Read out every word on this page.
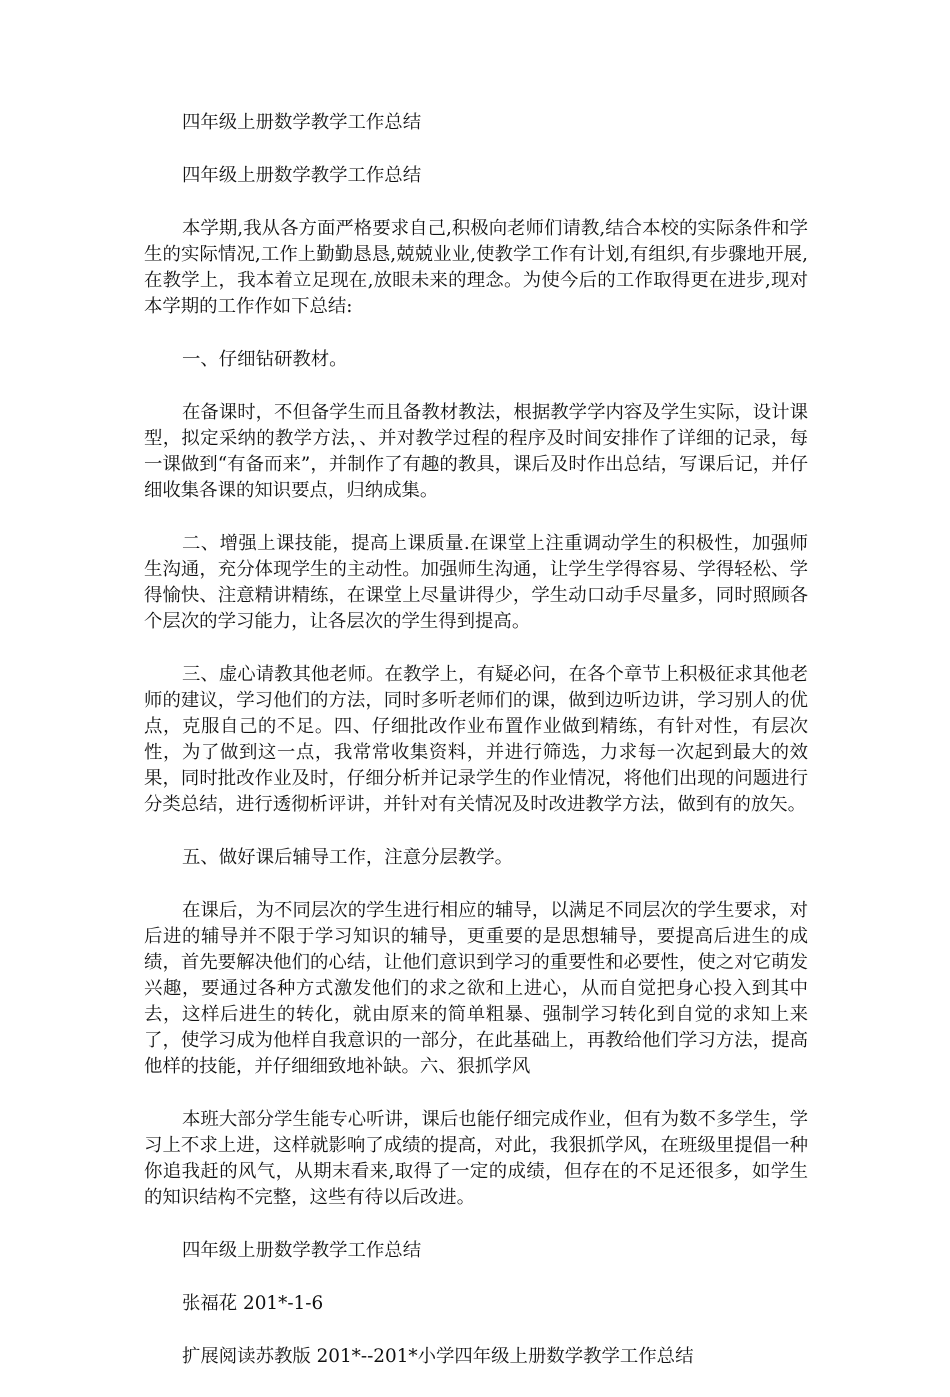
四年级上册数学教学工作总结

四年级上册数学教学工作总结

本学期,我从各方面严格要求自己,积极向老师们请教,结合本校的实际条件和学生的实际情况,工作上勤勤恳恳,兢兢业业,使教学工作有计划,有组织,有步骤地开展,在教学上，我本着立足现在,放眼未来的理念。为使今后的工作取得更在进步,现对本学期的工作作如下总结:

一、仔细钻研教材。

在备课时，不但备学生而且备教材教法，根据教学学内容及学生实际，设计课型，拟定采纳的教学方法，、并对教学过程的程序及时间安排作了详细的记录，每一课做到“有备而来”，并制作了有趣的教具，课后及时作出总结，写课后记，并仔细收集各课的知识要点，归纳成集。

二、增强上课技能，提高上课质量.在课堂上注重调动学生的积极性，加强师生沟通，充分体现学生的主动性。加强师生沟通，让学生学得容易、学得轻松、学得愉快、注意精讲精练，在课堂上尽量讲得少，学生动口动手尽量多，同时照顾各个层次的学习能力，让各层次的学生得到提高。

三、虚心请教其他老师。在教学上，有疑必问，在各个章节上积极征求其他老师的建议，学习他们的方法，同时多听老师们的课，做到边听边讲，学习别人的优点，克服自己的不足。四、仔细批改作业布置作业做到精练，有针对性，有层次性，为了做到这一点，我常常收集资料，并进行筛选，力求每一次起到最大的效果，同时批改作业及时，仔细分析并记录学生的作业情况，将他们出现的问题进行分类总结，进行透彻析评讲，并针对有关情况及时改进教学方法，做到有的放矢。

五、做好课后辅导工作，注意分层教学。

在课后，为不同层次的学生进行相应的辅导，以满足不同层次的学生要求，对后进的辅导并不限于学习知识的辅导，更重要的是思想辅导，要提高后进生的成绩，首先要解决他们的心结，让他们意识到学习的重要性和必要性，使之对它萌发兴趣，要通过各种方式激发他们的求之欲和上进心，从而自觉把身心投入到其中去，这样后进生的转化，就由原来的简单粗暴、强制学习转化到自觉的求知上来了，使学习成为他样自我意识的一部分，在此基础上，再教给他们学习方法，提高他样的技能，并仔细细致地补缺。六、狠抓学风

本班大部分学生能专心听讲，课后也能仔细完成作业，但有为数不多学生，学习上不求上进，这样就影响了成绩的提高，对此，我狠抓学风，在班级里提倡一种你追我赶的风气，从期末看来,取得了一定的成绩，但存在的不足还很多，如学生的知识结构不完整，这些有待以后改进。

四年级上册数学教学工作总结

张福花 201*-1-6

扩展阅读苏教版 201*--201*小学四年级上册数学教学工作总结
